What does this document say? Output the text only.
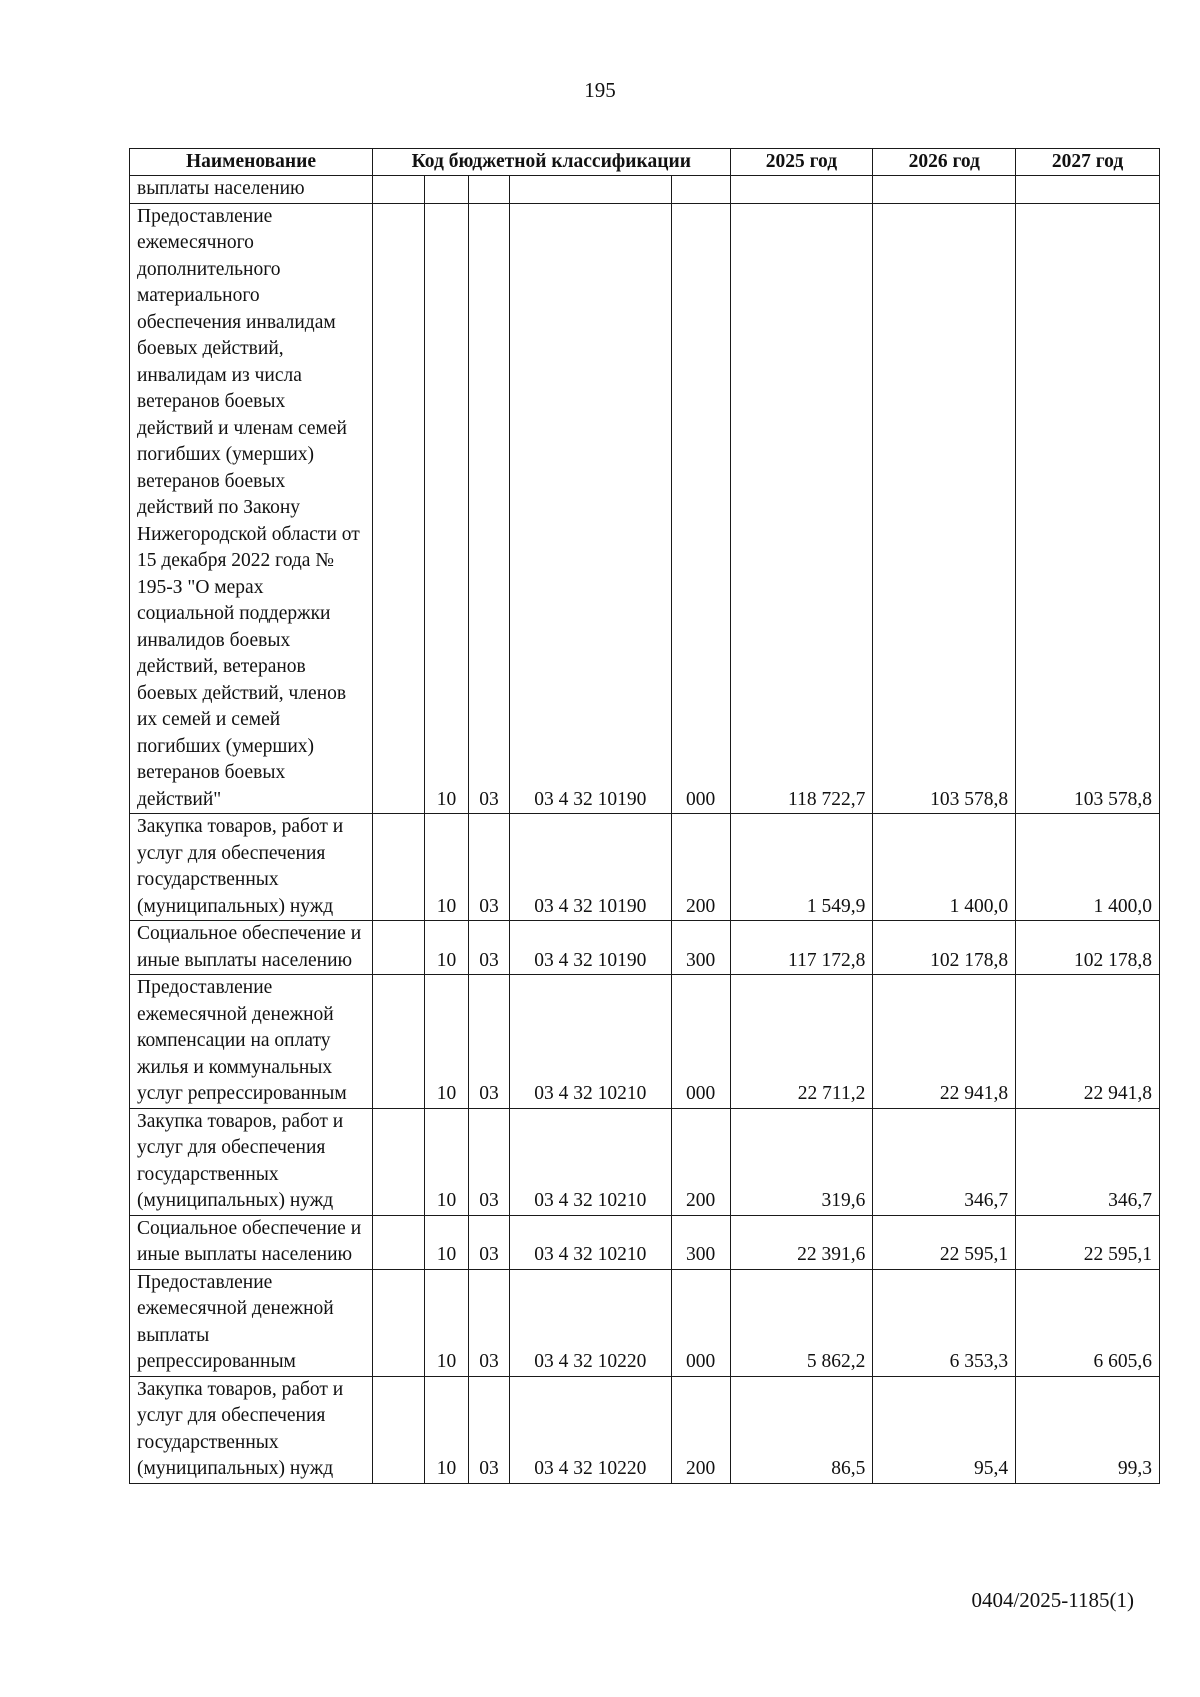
195
Наименование	Код бюджетной классификации					2025 год	2026 год	2027 год
выплаты населению								
Предоставление ежемесячного дополнительного материального обеспечения инвалидам боевых действий, инвалидам из числа ветеранов боевых действий и членам семей погибших (умерших) ветеранов боевых действий по Закону Нижегородской области от 15 декабря 2022 года № 195-З "О мерах социальной поддержки инвалидов боевых действий, ветеранов боевых действий, членов их семей и семей погибших (умерших) ветеранов боевых действий"		10	03	03 4 32 10190	000	118 722,7	103 578,8	103 578,8
Закупка товаров, работ и услуг для обеспечения государственных (муниципальных) нужд		10	03	03 4 32 10190	200	1 549,9	1 400,0	1 400,0
Социальное обеспечение и иные выплаты населению		10	03	03 4 32 10190	300	117 172,8	102 178,8	102 178,8
Предоставление ежемесячной денежной компенсации на оплату жилья и коммунальных услуг репрессированным		10	03	03 4 32 10210	000	22 711,2	22 941,8	22 941,8
Закупка товаров, работ и услуг для обеспечения государственных (муниципальных) нужд		10	03	03 4 32 10210	200	319,6	346,7	346,7
Социальное обеспечение и иные выплаты населению		10	03	03 4 32 10210	300	22 391,6	22 595,1	22 595,1
Предоставление ежемесячной денежной выплаты репрессированным		10	03	03 4 32 10220	000	5 862,2	6 353,3	6 605,6
Закупка товаров, работ и услуг для обеспечения государственных (муниципальных) нужд		10	03	03 4 32 10220	200	86,5	95,4	99,3
0404/2025-1185(1)
